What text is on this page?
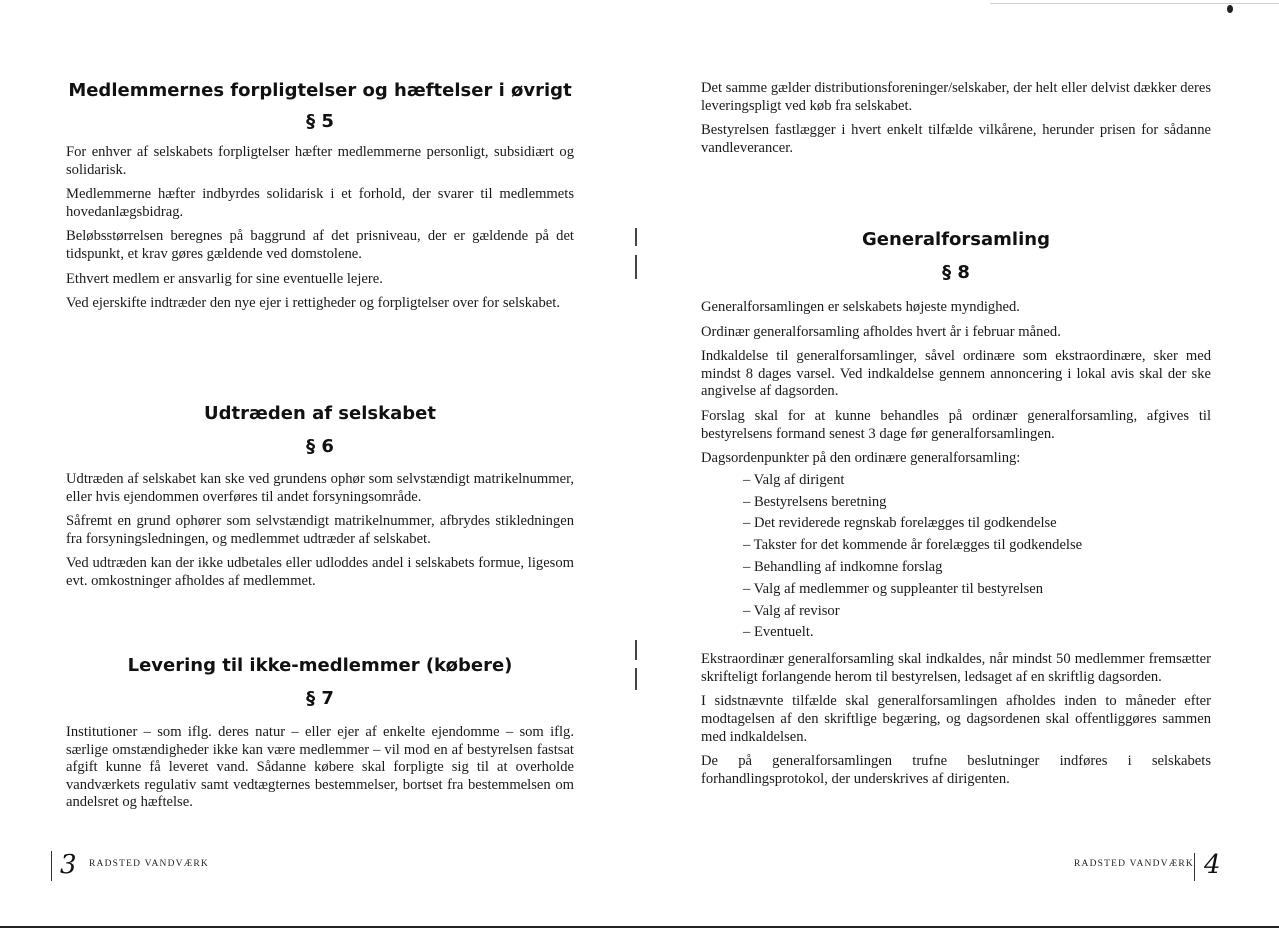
Medlemmernes forpligtelser og hæftelser i øvrigt
§ 5

For enhver af selskabets forpligtelser hæfter medlemmerne personligt, subsidiært og solidarisk.

Medlemmerne hæfter indbyrdes solidarisk i et forhold, der svarer til medlemmets hovedanlægsbidrag.

Beløbsstørrelsen beregnes på baggrund af det prisniveau, der er gældende på det tidspunkt, et krav gøres gældende ved domstolene.

Ethvert medlem er ansvarlig for sine eventuelle lejere.

Ved ejerskifte indtræder den nye ejer i rettigheder og forpligtelser over for selskabet.

Udtræden af selskabet
§ 6

Udtræden af selskabet kan ske ved grundens ophør som selvstændigt matrikelnummer, eller hvis ejendommen overføres til andet forsyningsområde.

Såfremt en grund ophører som selvstændigt matrikelnummer, afbrydes stikledningen fra forsyningsledningen, og medlemmet udtræder af selskabet.

Ved udtræden kan der ikke udbetales eller udloddes andel i selskabets formue, ligesom evt. omkostninger afholdes af medlemmet.

Levering til ikke-medlemmer (købere)
§ 7

Institutioner – som iflg. deres natur – eller ejer af enkelte ejendomme – som iflg. særlige omstændigheder ikke kan være medlemmer – vil mod en af bestyrelsen fastsat afgift kunne få leveret vand. Sådanne købere skal forpligte sig til at overholde vandværkets regulativ samt vedtægternes bestemmelser, bortset fra bestemmelsen om andelsret og hæftelse.

3 RADSTED VANDVÆRK

Det samme gælder distributionsforeninger/selskaber, der helt eller delvist dækker deres leveringspligt ved køb fra selskabet.

Bestyrelsen fastlægger i hvert enkelt tilfælde vilkårene, herunder prisen for sådanne vandleverancer.

Generalforsamling
§ 8

Generalforsamlingen er selskabets højeste myndighed.

Ordinær generalforsamling afholdes hvert år i februar måned.

Indkaldelse til generalforsamlinger, såvel ordinære som ekstraordinære, sker med mindst 8 dages varsel. Ved indkaldelse gennem annoncering i lokal avis skal der ske angivelse af dagsorden.

Forslag skal for at kunne behandles på ordinær generalforsamling, afgives til bestyrelsens formand senest 3 dage før generalforsamlingen.

Dagsordenpunkter på den ordinære generalforsamling:

– Valg af dirigent
– Bestyrelsens beretning
– Det reviderede regnskab forelægges til godkendelse
– Takster for det kommende år forelægges til godkendelse
– Behandling af indkomne forslag
– Valg af medlemmer og suppleanter til bestyrelsen
– Valg af revisor
– Eventuelt.

Ekstraordinær generalforsamling skal indkaldes, når mindst 50 medlemmer fremsætter skrifteligt forlangende herom til bestyrelsen, ledsaget af en skriftlig dagsorden.

I sidstnævnte tilfælde skal generalforsamlingen afholdes inden to måneder efter modtagelsen af den skriftlige begæring, og dagsordenen skal offentliggøres sammen med indkaldelsen.

De på generalforsamlingen trufne beslutninger indføres i selskabets forhandlingsprotokol, der underskrives af dirigenten.

RADSTED VANDVÆRK 4
